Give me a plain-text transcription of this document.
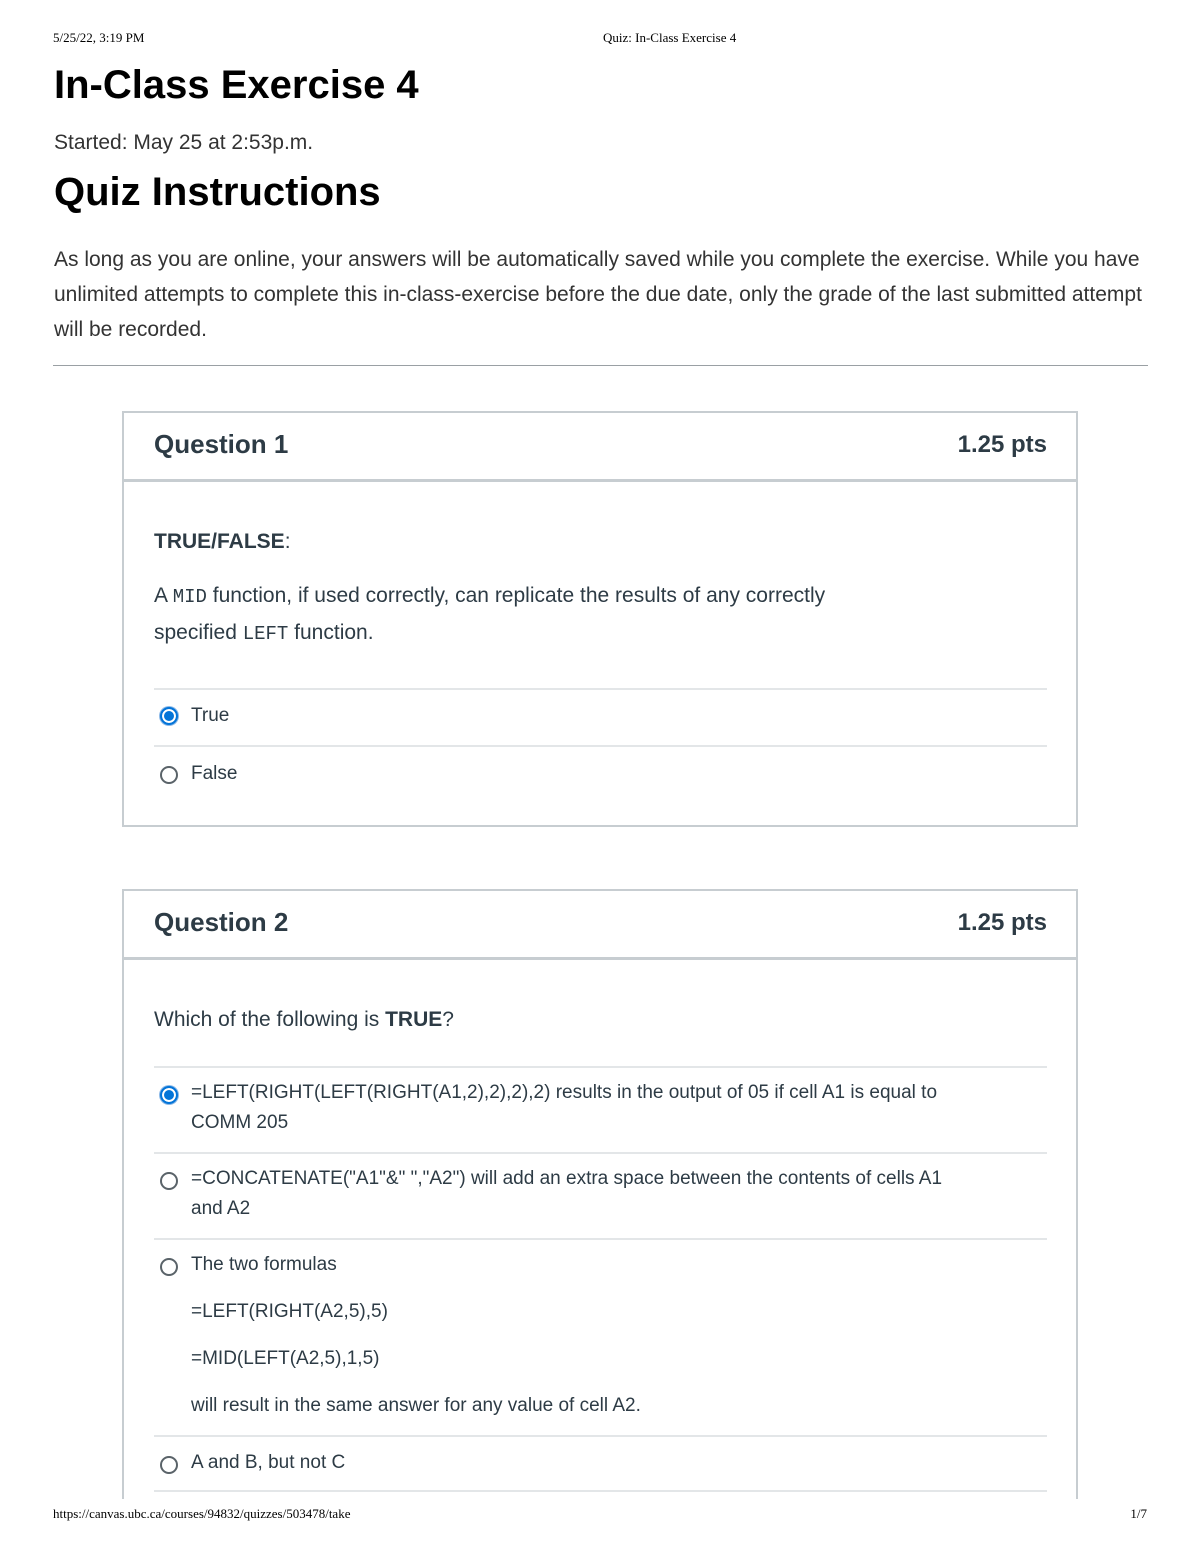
5/25/22, 3:19 PM	Quiz: In-Class Exercise 4
In-Class Exercise 4
Started: May 25 at 2:53p.m.
Quiz Instructions
As long as you are online, your answers will be automatically saved while you complete the exercise. While you have unlimited attempts to complete this in-class-exercise before the due date, only the grade of the last submitted attempt will be recorded.
Question 1	1.25 pts
TRUE/FALSE:
A MID function, if used correctly, can replicate the results of any correctly
specified LEFT function.
True
False
Question 2	1.25 pts
Which of the following is TRUE?
=LEFT(RIGHT(LEFT(RIGHT(A1,2),2),2),2) results in the output of 05 if cell A1 is equal to
COMM 205
=CONCATENATE("A1"&" ","A2") will add an extra space between the contents of cells A1
and A2
The two formulas
=LEFT(RIGHT(A2,5),5)
=MID(LEFT(A2,5),1,5)
will result in the same answer for any value of cell A2.
A and B, but not C
https://canvas.ubc.ca/courses/94832/quizzes/503478/take	1/7
